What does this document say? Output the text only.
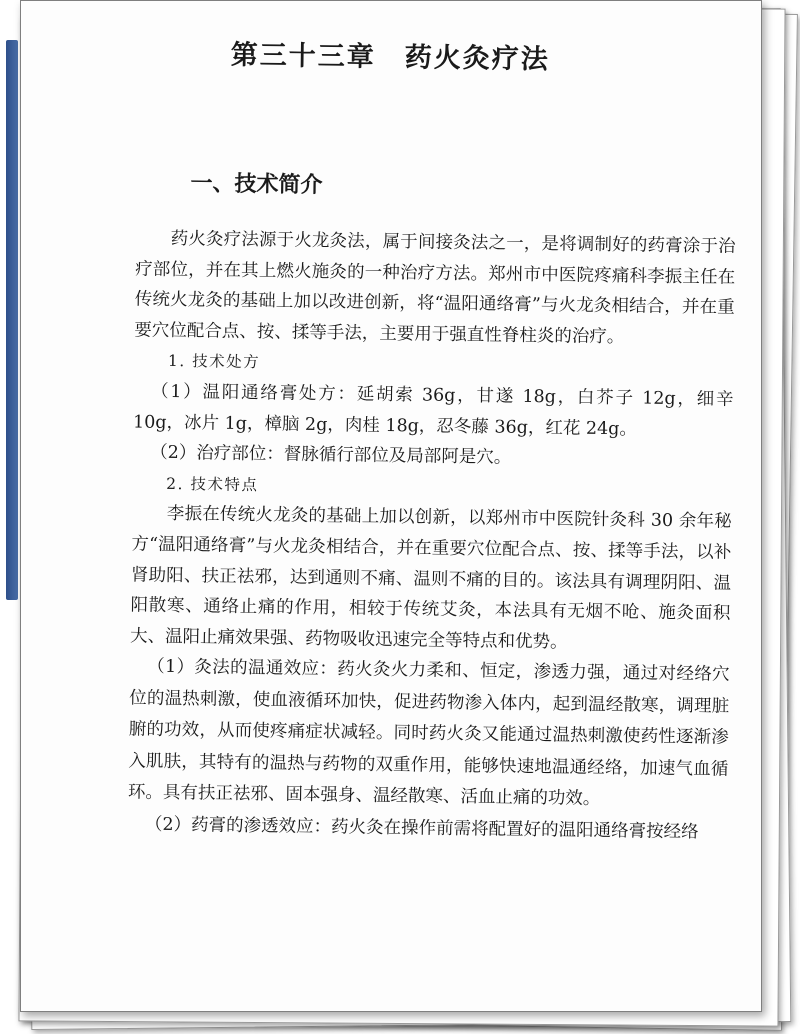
第三十三章　药火灸疗法
一、技术简介

药火灸疗法源于火龙灸法，属于间接灸法之一，是将调制好的药膏涂于治疗部位，并在其上燃火施灸的一种治疗方法。郑州市中医院疼痛科李振主任在传统火龙灸的基础上加以改进创新，将“温阳通络膏”与火龙灸相结合，并在重要穴位配合点、按、揉等手法，主要用于强直性脊柱炎的治疗。

1. 技术处方

（1）温阳通络膏处方：延胡索 36g，甘遂 18g，白芥子 12g，细辛 10g，冰片 1g，樟脑 2g，肉桂 18g，忍冬藤 36g，红花 24g。

（2）治疗部位：督脉循行部位及局部阿是穴。

2. 技术特点

李振在传统火龙灸的基础上加以创新，以郑州市中医院针灸科 30 余年秘方“温阳通络膏”与火龙灸相结合，并在重要穴位配合点、按、揉等手法，以补肾助阳、扶正祛邪，达到通则不痛、温则不痛的目的。该法具有调理阴阳、温阳散寒、通络止痛的作用，相较于传统艾灸，本法具有无烟不呛、施灸面积大、温阳止痛效果强、药物吸收迅速完全等特点和优势。

（1）灸法的温通效应：药火灸火力柔和、恒定，渗透力强，通过对经络穴位的温热刺激，使血液循环加快，促进药物渗入体内，起到温经散寒，调理脏腑的功效，从而使疼痛症状减轻。同时药火灸又能通过温热刺激使药性逐渐渗入肌肤，其特有的温热与药物的双重作用，能够快速地温通经络，加速气血循环。具有扶正祛邪、固本强身、温经散寒、活血止痛的功效。

（2）药膏的渗透效应：药火灸在操作前需将配置好的温阳通络膏按经络
